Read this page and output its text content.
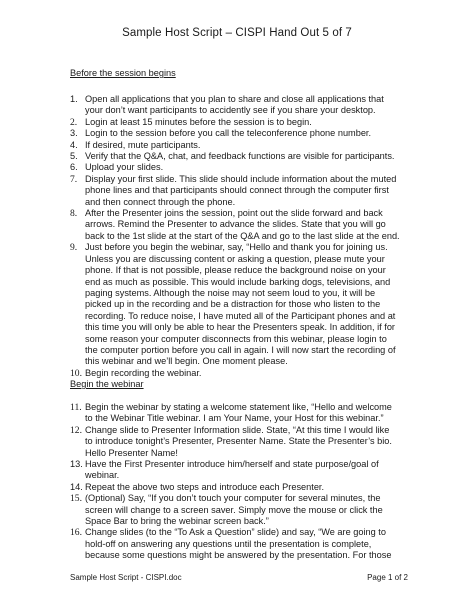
Sample Host Script – CISPI Hand Out 5 of 7
Before the session begins
1. Open all applications that you plan to share and close all applications that
your don’t want participants to accidently see if you share your desktop.
2. Login at least 15 minutes before the session is to begin.
3. Login to the session before you call the teleconference phone number.
4. If desired, mute participants.
5. Verify that the Q&A, chat, and feedback functions are visible for participants.
6. Upload your slides.
7. Display your first slide. This slide should include information about the muted
phone lines and that participants should connect through the computer first
and then connect through the phone.
8. After the Presenter joins the session, point out the slide forward and back
arrows. Remind the Presenter to advance the slides. State that you will go
back to the 1st slide at the start of the Q&A and go to the last slide at the end.
9. Just before you begin the webinar, say, “Hello and thank you for joining us.
Unless you are discussing content or asking a question, please mute your
phone. If that is not possible, please reduce the background noise on your
end as much as possible. This would include barking dogs, televisions, and
paging systems. Although the noise may not seem loud to you, it will be
picked up in the recording and be a distraction for those who listen to the
recording. To reduce noise, I have muted all of the Participant phones and at
this time you will only be able to hear the Presenters speak. In addition, if for
some reason your computer disconnects from this webinar, please login to
the computer portion before you call in again. I will now start the recording of
this webinar and we’ll begin. One moment please.
10. Begin recording the webinar.
Begin the webinar
11. Begin the webinar by stating a welcome statement like, “Hello and welcome
to the Webinar Title webinar. I am Your Name, your Host for this webinar.”
12. Change slide to Presenter Information slide. State, “At this time I would like
to introduce tonight’s Presenter, Presenter Name. State the Presenter’s bio.
Hello Presenter Name!
13. Have the First Presenter introduce him/herself and state purpose/goal of
webinar.
14. Repeat the above two steps and introduce each Presenter.
15. (Optional) Say, “If you don’t touch your computer for several minutes, the
screen will change to a screen saver. Simply move the mouse or click the
Space Bar to bring the webinar screen back.”
16. Change slides (to the “To Ask a Question” slide) and say, “We are going to
hold-off on answering any questions until the presentation is complete,
because some questions might be answered by the presentation. For those
Sample Host Script - CISPI.doc	Page 1 of 2
